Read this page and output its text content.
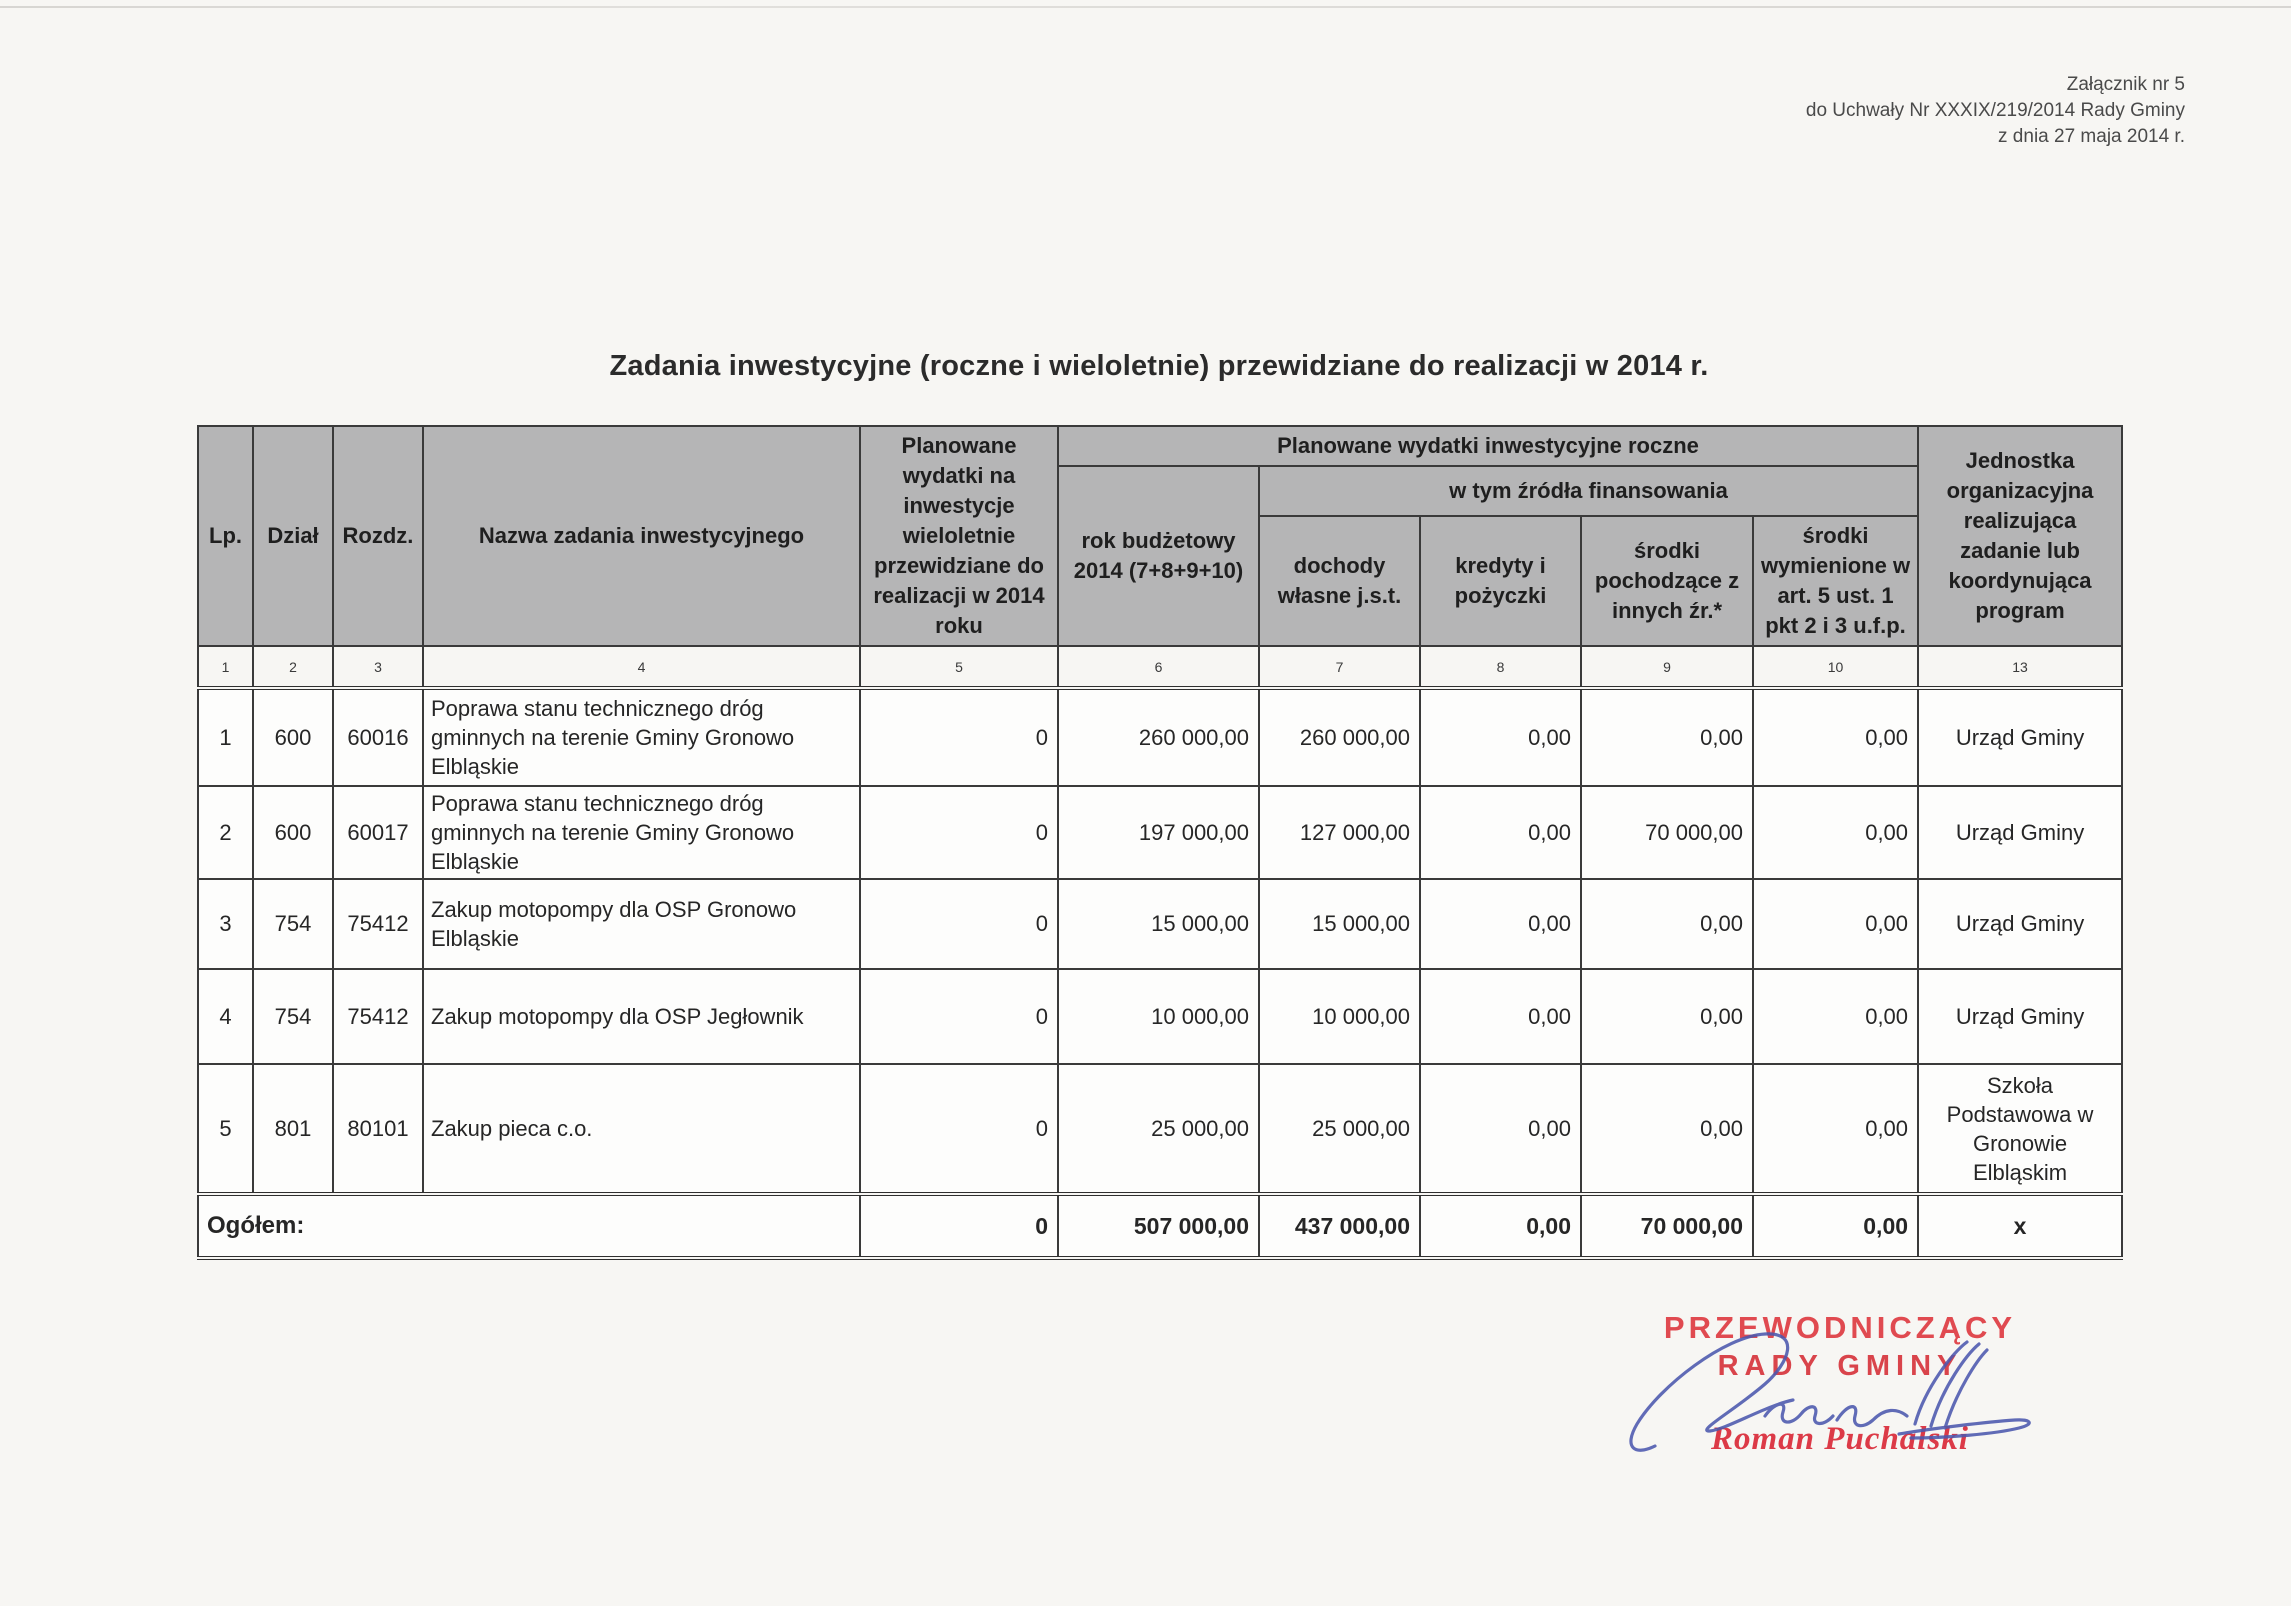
Załącznik nr 5
do Uchwały Nr XXXIX/219/2014 Rady Gminy
z dnia 27 maja 2014 r.
Zadania inwestycyjne (roczne i wieloletnie) przewidziane do realizacji w 2014 r.
Lp.	Dział	Rozdz.	Nazwa zadania inwestycyjnego	Planowane wydatki na inwestycje wieloletnie przewidziane do realizacji w 2014 roku	Planowane wydatki inwestycyjne roczne					Jednostka organizacyjna realizująca zadanie lub koordynująca program
					rok budżetowy 2014 (7+8+9+10)	w tym źródła finansowania				
						dochody własne j.s.t.	kredyty i pożyczki	środki pochodzące z innych źr.*	środki wymienione w art. 5 ust. 1 pkt 2 i 3 u.f.p.	
1	2	3	4	5	6	7	8	9	10	13
1	600	60016	Poprawa stanu technicznego dróg gminnych na terenie Gminy Gronowo Elbląskie	0	260 000,00	260 000,00	0,00	0,00	0,00	Urząd Gminy
2	600	60017	Poprawa stanu technicznego dróg gminnych na terenie Gminy Gronowo Elbląskie	0	197 000,00	127 000,00	0,00	70 000,00	0,00	Urząd Gminy
3	754	75412	Zakup motopompy dla OSP Gronowo Elbląskie	0	15 000,00	15 000,00	0,00	0,00	0,00	Urząd Gminy
4	754	75412	Zakup motopompy dla OSP Jegłownik	0	10 000,00	10 000,00	0,00	0,00	0,00	Urząd Gminy
5	801	80101	Zakup pieca c.o.	0	25 000,00	25 000,00	0,00	0,00	0,00	Szkoła Podstawowa w Gronowie Elbląskim
Ogółem:				0	507 000,00	437 000,00	0,00	70 000,00	0,00	x
PRZEWODNICZĄCY
RADY GMINY
Roman Puchalski
